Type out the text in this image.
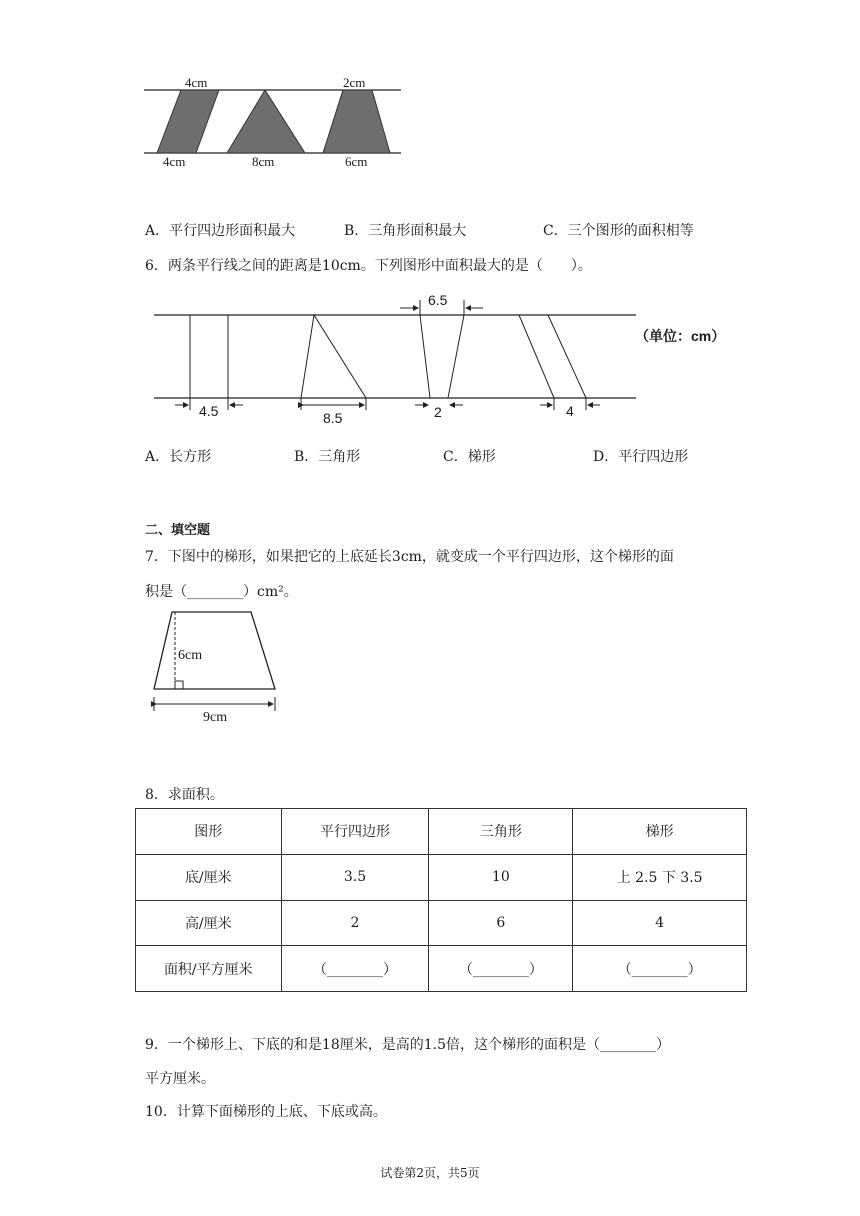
4cm
4cm	8cm
2cm
6cm
A．平行四边形面积最大	B．三角形面积最大	C．三个图形的面积相等
6．两条平行线之间的距离是10cm。下列图形中面积最大的是（　　）。
6.5
（单位：cm）
4.5	8.5	2	4
A．长方形	B．三角形	C．梯形	D．平行四边形
二、填空题
7．下图中的梯形，如果把它的上底延长3cm，就变成一个平行四边形，这个梯形的面
积是（________）cm²。
6cm
9cm
8．求面积。
图形	平行四边形	三角形	梯形
底/厘米	3.5	10	上 2.5 下 3.5
高/厘米	2	6	4
面积/平方厘米	（________）	（________）	（________）
9．一个梯形上、下底的和是18厘米，是高的1.5倍，这个梯形的面积是（________）
平方厘米。
10．计算下面梯形的上底、下底或高。
试卷第2页，共5页
